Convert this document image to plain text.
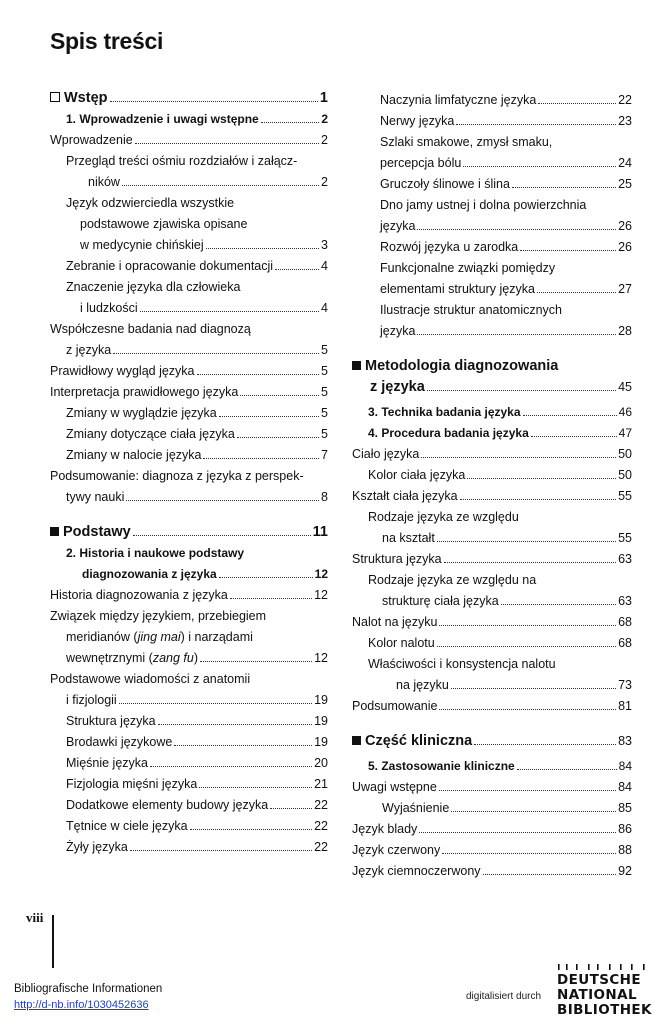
Spis treści
Wstęp	1
1. Wprowadzenie i uwagi wstępne	2
Wprowadzenie	2
Przegląd treści ośmiu rozdziałów i załącz-
ników	2
Język odzwierciedla wszystkie
podstawowe zjawiska opisane
w medycynie chińskiej	3
Zebranie i opracowanie dokumentacji	4
Znaczenie języka dla człowieka
i ludzkości	4
Współczesne badania nad diagnozą
z języka	5
Prawidłowy wygląd języka	5
Interpretacja prawidłowego języka	5
Zmiany w wyglądzie języka	5
Zmiany dotyczące ciała języka	5
Zmiany w nalocie języka	7
Podsumowanie: diagnoza z języka z perspek-
tywy nauki	8
Podstawy	11
2. Historia i naukowe podstawy
diagnozowania z języka	12
Historia diagnozowania z języka	12
Związek między językiem, przebiegiem
meridianów (jing mai) i narządami
wewnętrznymi (zang fu)	12
Podstawowe wiadomości z anatomii
i fizjologii	19
Struktura języka	19
Brodawki językowe	19
Mięśnie języka	20
Fizjologia mięśni języka	21
Dodatkowe elementy budowy języka	22
Tętnice w ciele języka	22
Żyły języka	22
Naczynia limfatyczne języka	22
Nerwy języka	23
Szlaki smakowe, zmysł smaku,
percepcja bólu	24
Gruczoły ślinowe i ślina	25
Dno jamy ustnej i dolna powierzchnia
języka	26
Rozwój języka u zarodka	26
Funkcjonalne związki pomiędzy
elementami struktury języka	27
Ilustracje struktur anatomicznych
języka	28
Metodologia diagnozowania
z języka	45
3. Technika badania języka	46
4. Procedura badania języka	47
Ciało języka	50
Kolor ciała języka	50
Kształt ciała języka	55
Rodzaje języka ze względu
na kształt	55
Struktura języka	63
Rodzaje języka ze względu na
strukturę ciała języka	63
Nalot na języku	68
Kolor nalotu	68
Właściwości i konsystencja nalotu
na języku	73
Podsumowanie	81
Część kliniczna	83
5. Zastosowanie kliniczne	84
Uwagi wstępne	84
Wyjaśnienie	85
Język blady	86
Język czerwony	88
Język ciemnoczerwony	92
viii
Bibliografische Informationen
http://d-nb.info/1030452636
digitalisiert durch
DEUTSCHE
NATIONAL
BIBLIOTHEK
